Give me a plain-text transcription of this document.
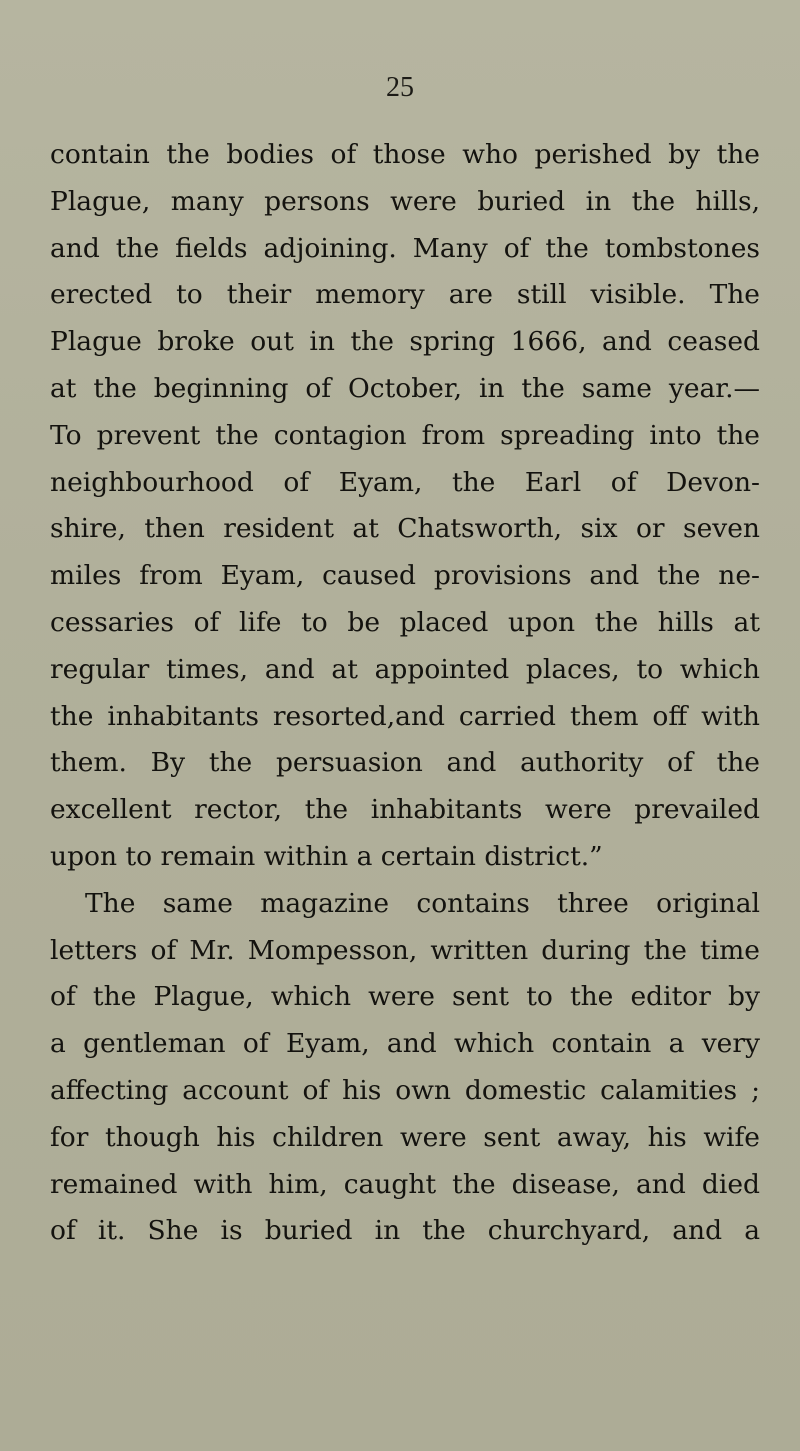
25
contain the bodies of those who perished by the
Plague, many persons were buried in the hills,
and the fields adjoining. Many of the tombstones
erected to their memory are still visible. The
Plague broke out in the spring 1666, and ceased
at the beginning of October, in the same year.—
To prevent the contagion from spreading into the
neighbourhood of Eyam, the Earl of Devon-
shire, then resident at Chatsworth, six or seven
miles from Eyam, caused provisions and the ne-
cessaries of life to be placed upon the hills at
regular times, and at appointed places, to which
the inhabitants resorted,and carried them off with
them. By the persuasion and authority of the
excellent rector, the inhabitants were prevailed
upon to remain within a certain district.”
The same magazine contains three original
letters of Mr. Mompesson, written during the time
of the Plague, which were sent to the editor by
a gentleman of Eyam, and which contain a very
affecting account of his own domestic calamities ;
for though his children were sent away, his wife
remained with him, caught the disease, and died
of it. She is buried in the churchyard, and a
